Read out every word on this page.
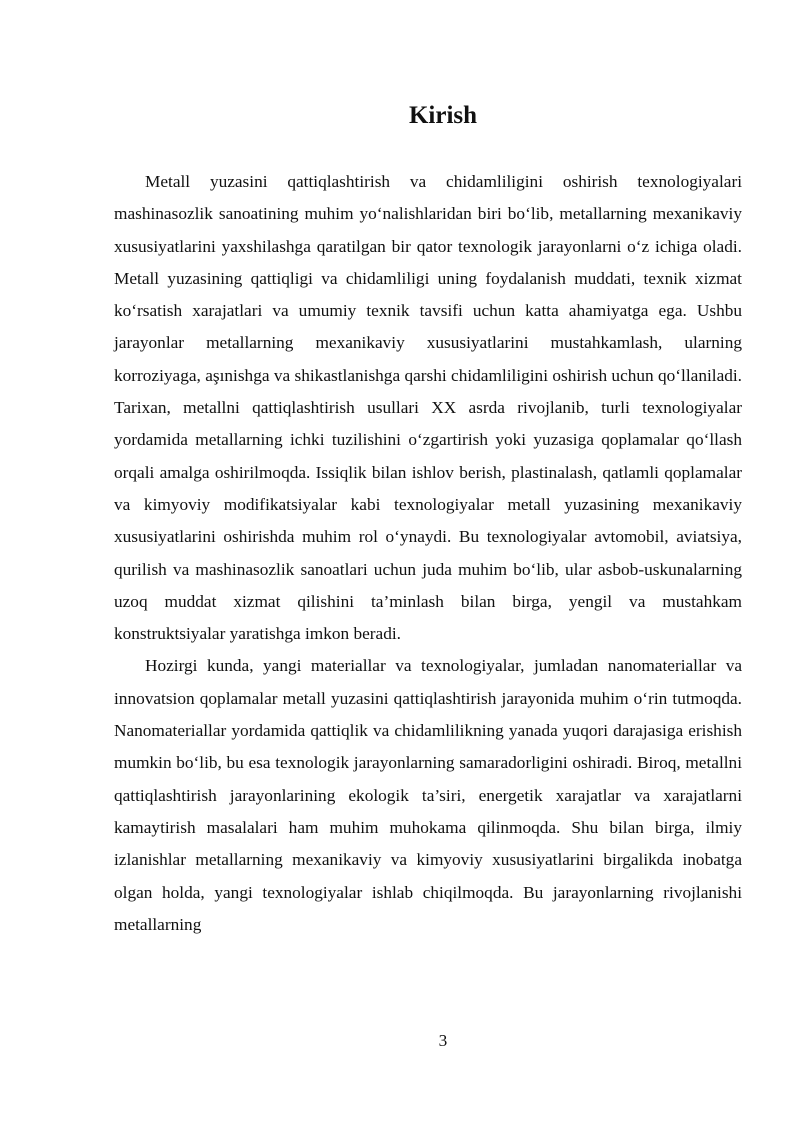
Kirish

Metall yuzasini qattiqlashtirish va chidamliligini oshirish texnologiyalari mashinasozlik sanoatining muhim yo‘nalishlaridan biri bo‘lib, metallarning mexanikaviy xususiyatlarini yaxshilashga qaratilgan bir qator texnologik jarayonlarni o‘z ichiga oladi. Metall yuzasining qattiqligi va chidamliligi uning foydalanish muddati, texnik xizmat ko‘rsatish xarajatlari va umumiy texnik tavsifi uchun katta ahamiyatga ega. Ushbu jarayonlar metallarning mexanikaviy xususiyatlarini mustahkamlash, ularning korroziyaga, aşınishga va shikastlanishga qarshi chidamliligini oshirish uchun qo‘llaniladi. Tarixan, metallni qattiqlashtirish usullari XX asrda rivojlanib, turli texnologiyalar yordamida metallarning ichki tuzilishini o‘zgartirish yoki yuzasiga qoplamalar qo‘llash orqali amalga oshirilmoqda. Issiqlik bilan ishlov berish, plastinalash, qatlamli qoplamalar va kimyoviy modifikatsiyalar kabi texnologiyalar metall yuzasining mexanikaviy xususiyatlarini oshirishda muhim rol o‘ynaydi. Bu texnologiyalar avtomobil, aviatsiya, qurilish va mashinasozlik sanoatlari uchun juda muhim bo‘lib, ular asbob-uskunalarning uzoq muddat xizmat qilishini ta’minlash bilan birga, yengil va mustahkam konstruktsiyalar yaratishga imkon beradi.

Hozirgi kunda, yangi materiallar va texnologiyalar, jumladan nanomateriallar va innovatsion qoplamalar metall yuzasini qattiqlashtirish jarayonida muhim o‘rin tutmoqda. Nanomateriallar yordamida qattiqlik va chidamlilikning yanada yuqori darajasiga erishish mumkin bo‘lib, bu esa texnologik jarayonlarning samaradorligini oshiradi. Biroq, metallni qattiqlashtirish jarayonlarining ekologik ta’siri, energetik xarajatlar va xarajatlarni kamaytirish masalalari ham muhim muhokama qilinmoqda. Shu bilan birga, ilmiy izlanishlar metallarning mexanikaviy va kimyoviy xususiyatlarini birgalikda inobatga olgan holda, yangi texnologiyalar ishlab chiqilmoqda. Bu jarayonlarning rivojlanishi metallarning

3
